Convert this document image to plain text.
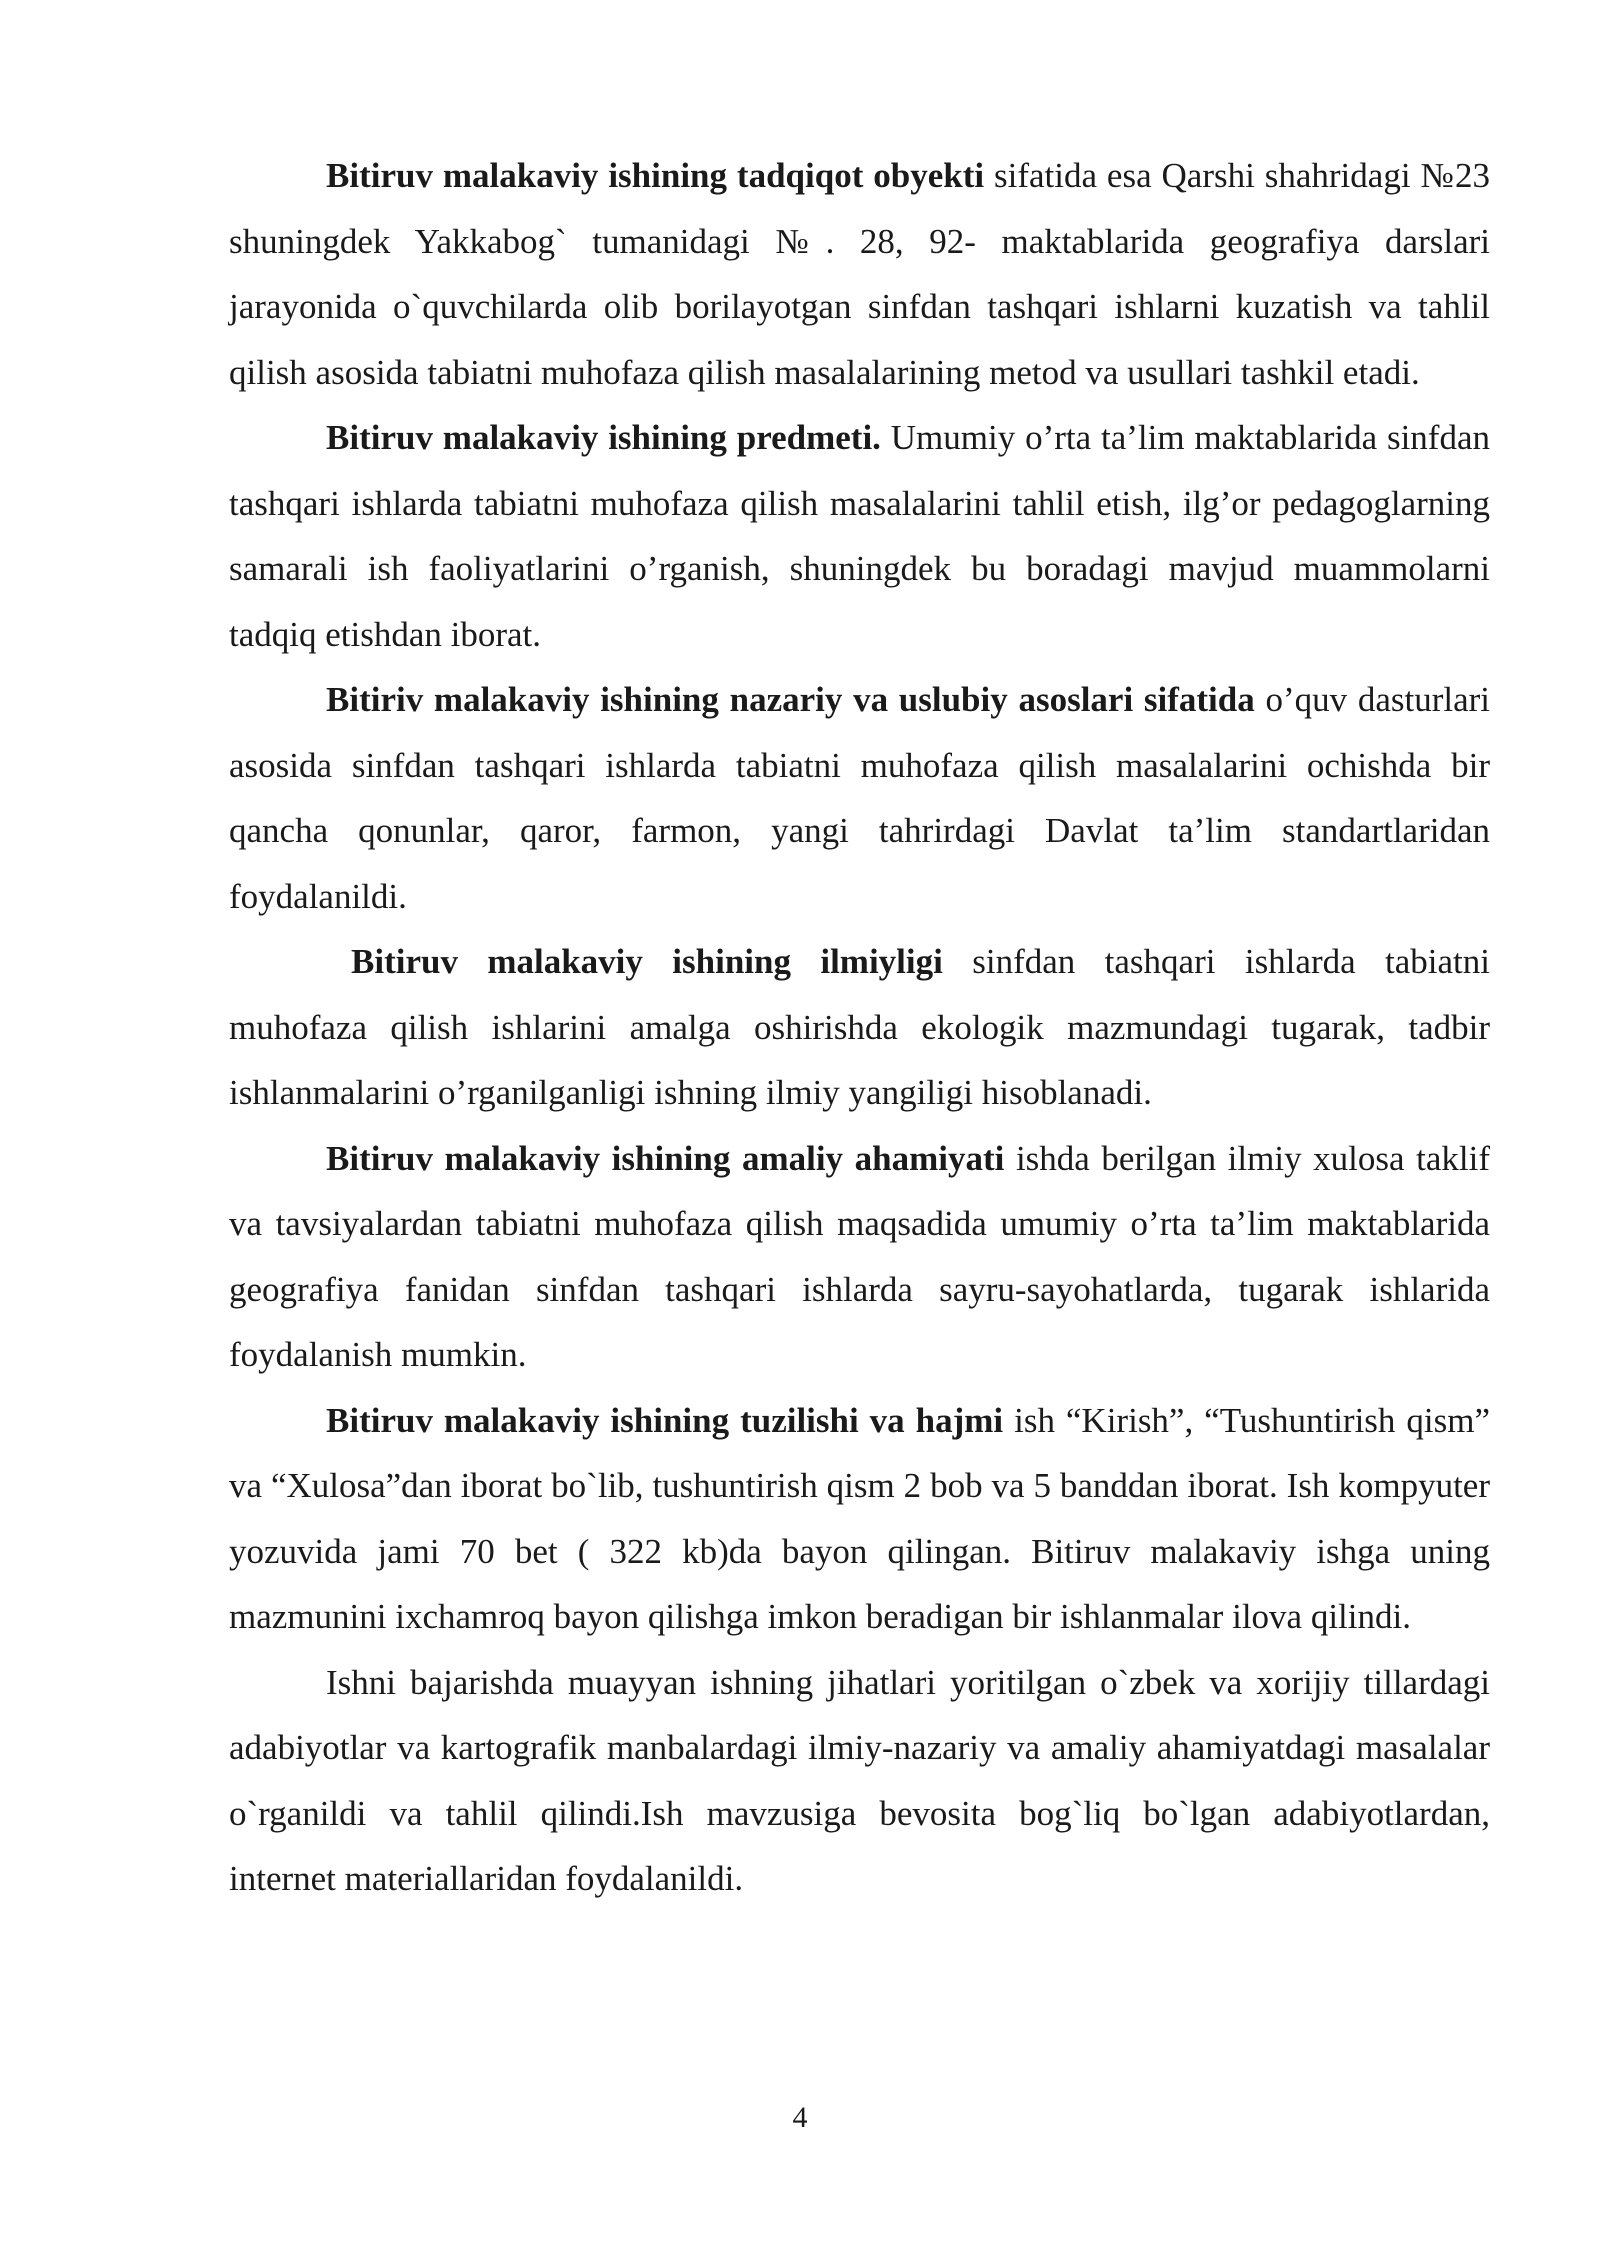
Bitiruv malakaviy ishining tadqiqot obyekti sifatida esa Qarshi shahridagi №23 shuningdek Yakkabog` tumanidagi №. 28, 92- maktablarida geografiya darslari jarayonida o`quvchilarda olib borilayotgan sinfdan tashqari ishlarni kuzatish va tahlil qilish asosida tabiatni muhofaza qilish masalalarining metod va usullari tashkil etadi.

Bitiruv malakaviy ishining predmeti. Umumiy o’rta ta’lim maktablarida sinfdan tashqari ishlarda tabiatni muhofaza qilish masalalarini tahlil etish, ilg’or pedagoglarning samarali ish faoliyatlarini o’rganish, shuningdek bu boradagi mavjud muammolarni tadqiq etishdan iborat.

Bitiriv malakaviy ishining nazariy va uslubiy asoslari sifatida o’quv dasturlari asosida sinfdan tashqari ishlarda tabiatni muhofaza qilish masalalarini ochishda bir qancha qonunlar, qaror, farmon, yangi tahrirdagi Davlat ta’lim standartlaridan foydalanildi.

Bitiruv malakaviy ishining ilmiyligi sinfdan tashqari ishlarda tabiatni muhofaza qilish ishlarini amalga oshirishda ekologik mazmundagi tugarak, tadbir ishlanmalarini o’rganilganligi ishning ilmiy yangiligi hisoblanadi.

Bitiruv malakaviy ishining amaliy ahamiyati ishda berilgan ilmiy xulosa taklif va tavsiyalardan tabiatni muhofaza qilish maqsadida umumiy o’rta ta’lim maktablarida geografiya fanidan sinfdan tashqari ishlarda sayru-sayohatlarda, tugarak ishlarida foydalanish mumkin.

Bitiruv malakaviy ishining tuzilishi va hajmi ish “Kirish”, “Tushuntirish qism” va “Xulosa”dan iborat bo`lib, tushuntirish qism 2 bob va 5 banddan iborat. Ish kompyuter yozuvida jami 70 bet ( 322 kb)da bayon qilingan. Bitiruv malakaviy ishga uning mazmunini ixchamroq bayon qilishga imkon beradigan bir ishlanmalar ilova qilindi.

Ishni bajarishda muayyan ishning jihatlari yoritilgan o`zbek va xorijiy tillardagi adabiyotlar va kartografik manbalardagi ilmiy-nazariy va amaliy ahamiyatdagi masalalar o`rganildi va tahlil qilindi.Ish mavzusiga bevosita bog`liq bo`lgan adabiyotlardan, internet materiallaridan foydalanildi.

4
